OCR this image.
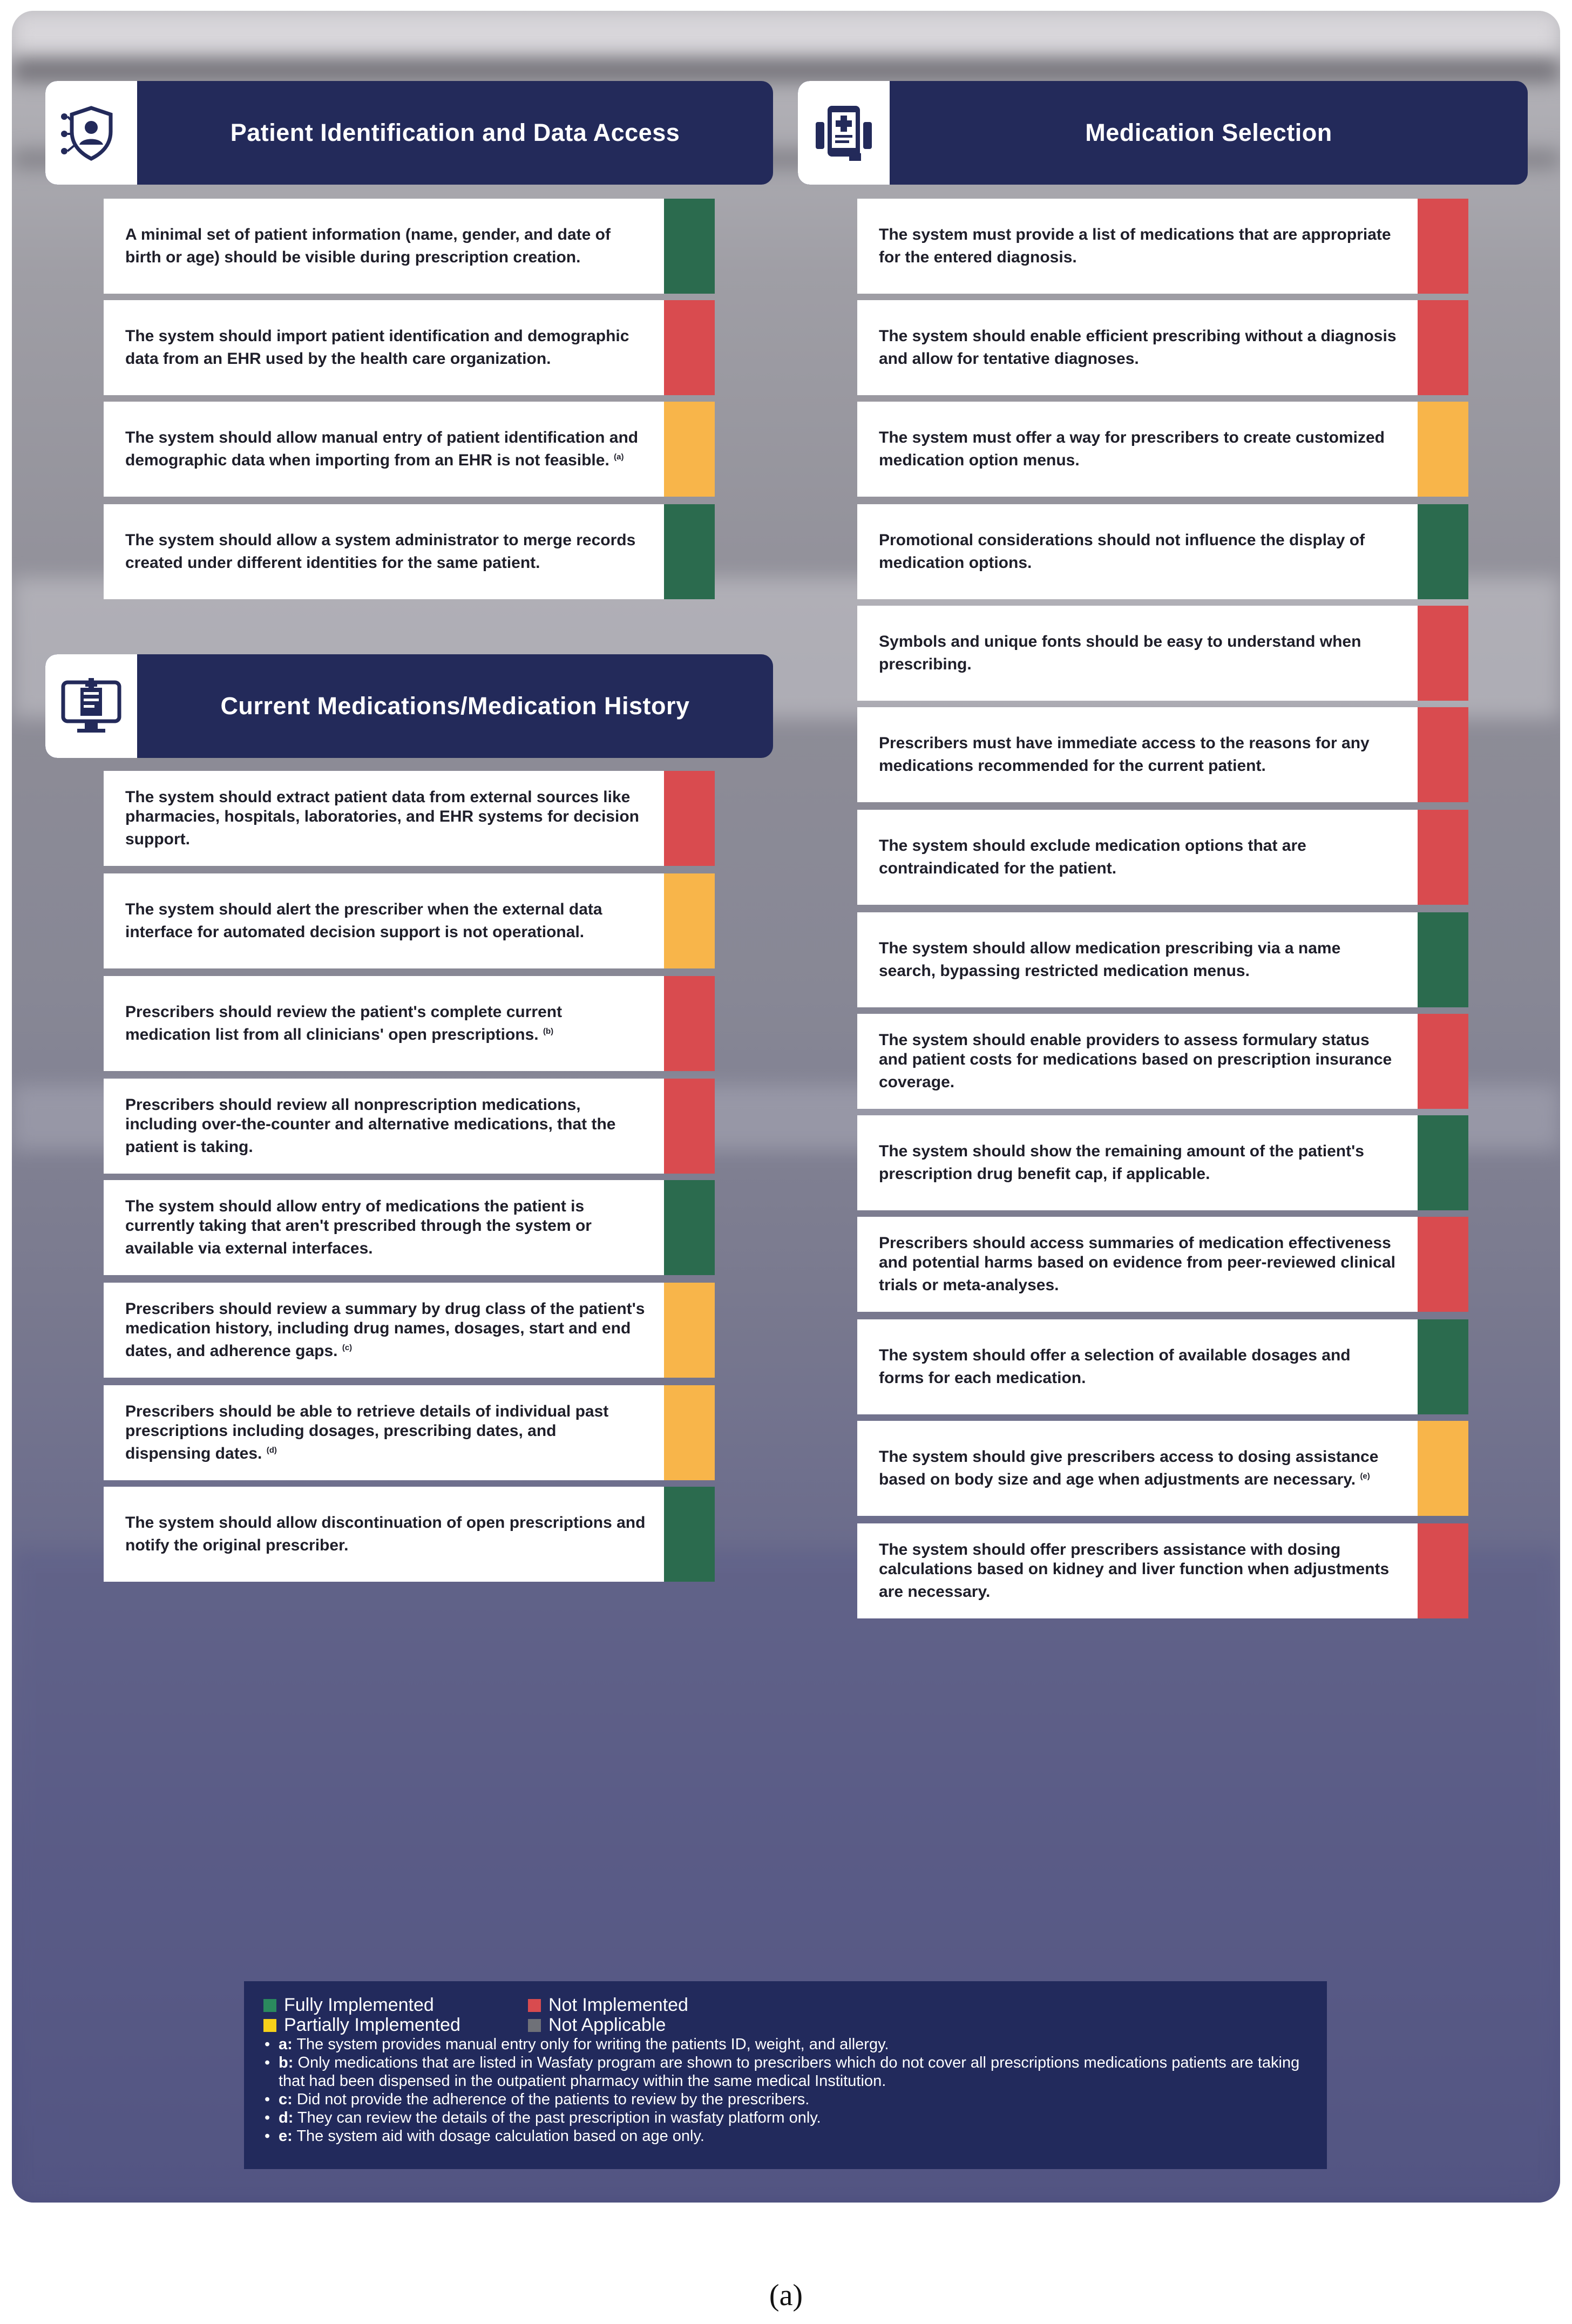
Patient Identification and Data Access	Medication Selection
Current Medications/Medication History
A minimal set of patient information (name, gender, and date of birth or age) should be visible during prescription creation.
The system should import patient identification and demographic data from an EHR used by the health care organization.
The system should allow manual entry of patient identification and demographic data when importing from an EHR is not feasible. $^{(a)}$
The system should allow a system administrator to merge records created under different identities for the same patient.
The system should extract patient data from external sources like pharmacies, hospitals, laboratories, and EHR systems for decision support.
The system should alert the prescriber when the external data interface for automated decision support is not operational.
Prescribers should review the patient's complete current medication list from all clinicians' open prescriptions. $^{(b)}$
Prescribers should review all nonprescription medications, including over-the-counter and alternative medications, that the patient is taking.
The system should allow entry of medications the patient is currently taking that aren't prescribed through the system or available via external interfaces.
Prescribers should review a summary by drug class of the patient's medication history, including drug names, dosages, start and end dates, and adherence gaps. $^{(c)}$
Prescribers should be able to retrieve details of individual past prescriptions including dosages, prescribing dates, and dispensing dates. $^{(d)}$
The system should allow discontinuation of open prescriptions and notify the original prescriber.
The system must provide a list of medications that are appropriate for the entered diagnosis.
The system should enable efficient prescribing without a diagnosis and allow for tentative diagnoses.
The system must offer a way for prescribers to create customized medication option menus.
Promotional considerations should not influence the display of medication options.
Symbols and unique fonts should be easy to understand when prescribing.
Prescribers must have immediate access to the reasons for any medications recommended for the current patient.
The system should exclude medication options that are contraindicated for the patient.
The system should allow medication prescribing via a name search, bypassing restricted medication menus.
The system should enable providers to assess formulary status and patient costs for medications based on prescription insurance coverage.
The system should show the remaining amount of the patient's prescription drug benefit cap, if applicable.
Prescribers should access summaries of medication effectiveness and potential harms based on evidence from peer-reviewed clinical trials or meta-analyses.
The system should offer a selection of available dosages and forms for each medication.
The system should give prescribers access to dosing assistance based on body size and age when adjustments are necessary. $^{(e)}$
The system should offer prescribers assistance with dosing calculations based on kidney and liver function when adjustments are necessary.
Fully Implemented	Not Implemented
Partially Implemented	Not Applicable
• a: The system provides manual entry only for writing the patients ID, weight, and allergy.
• b: Only medications that are listed in Wasfaty program are shown to prescribers which do not cover all prescriptions medications patients are taking that had been dispensed in the outpatient pharmacy within the same medical Institution.
• c: Did not provide the adherence of the patients to review by the prescribers.
• d: They can review the details of the past prescription in wasfaty platform only.
• e: The system aid with dosage calculation based on age only.
(a)
